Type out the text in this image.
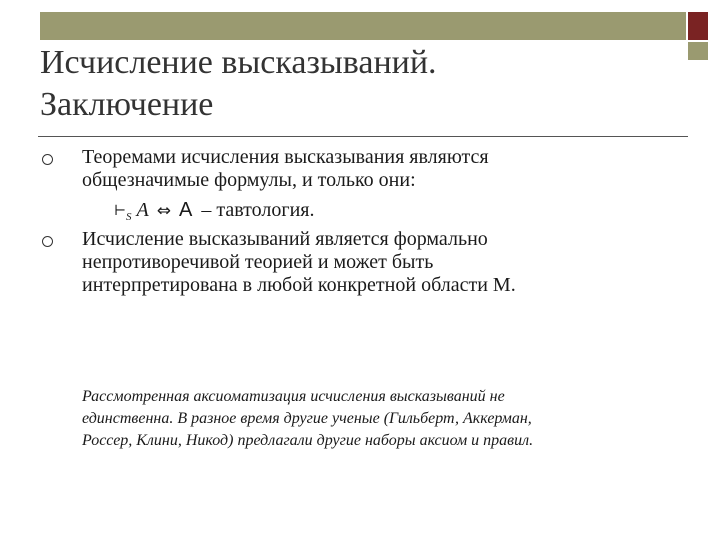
Исчисление высказываний.
Заключение
Теоремами исчисления высказывания являются
общезначимые формулы, и только они:
$⊢_S$ A ⇔ А – тавтология.
Исчисление высказываний является формально
непротиворечивой теорией и может быть
интерпретирована в любой конкретной области М.

Рассмотренная аксиоматизация исчисления высказываний не
единственна. В разное время другие ученые (Гильберт, Аккерман,
Россер, Клини, Никод) предлагали другие наборы аксиом и правил.
